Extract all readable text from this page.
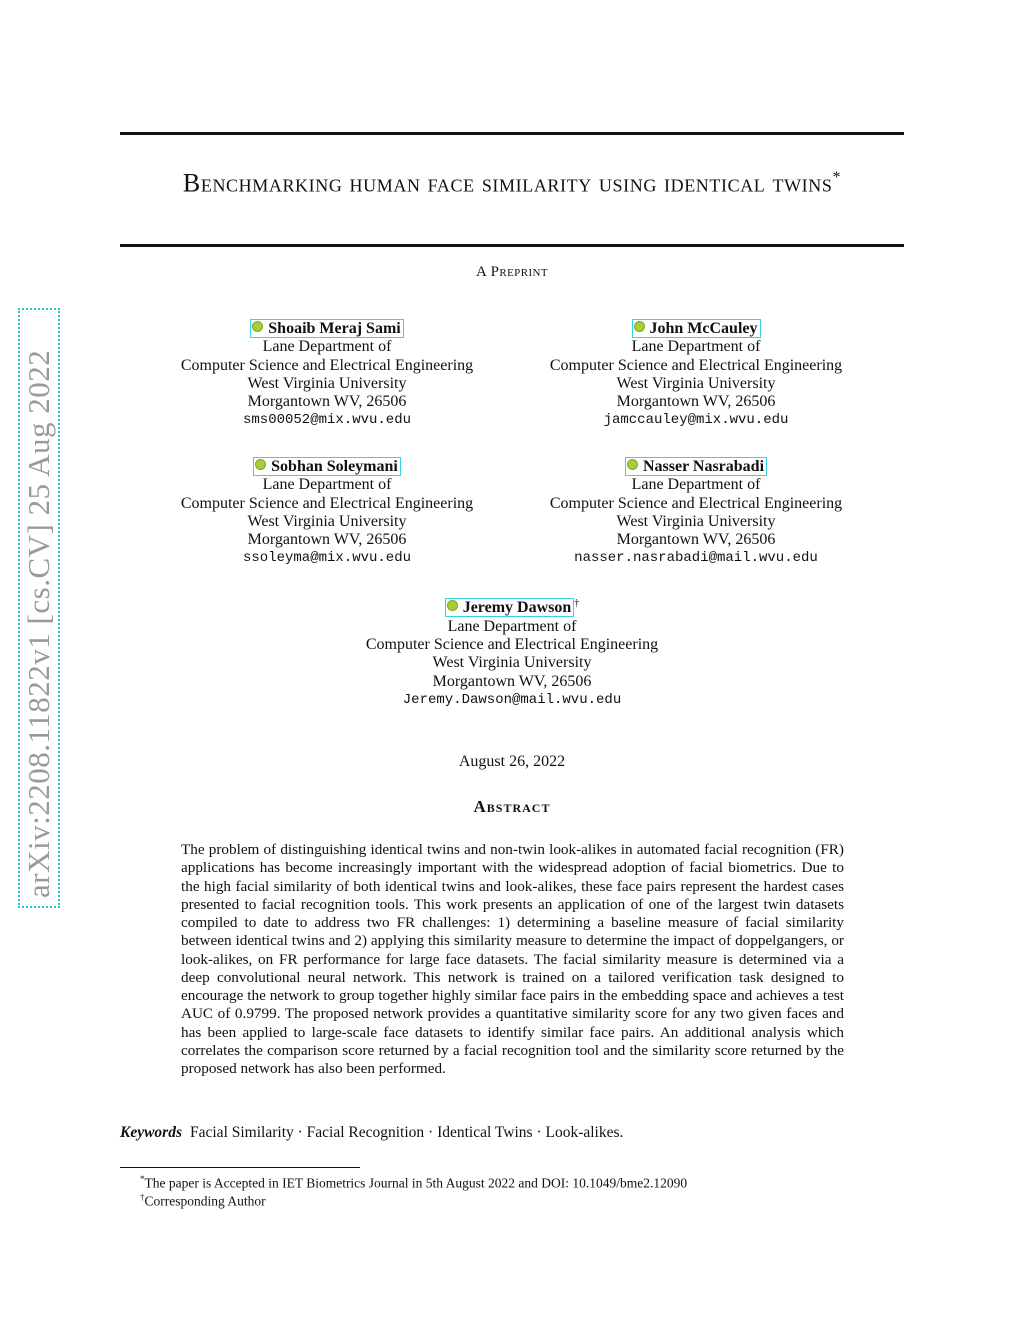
arXiv:2208.11822v1 [cs.CV] 25 Aug 2022
Benchmarking human face similarity using identical twins*
A Preprint
Shoaib Meraj Sami
Lane Department of
Computer Science and Electrical Engineering
West Virginia University
Morgantown WV, 26506
sms00052@mix.wvu.edu
John McCauley
Lane Department of
Computer Science and Electrical Engineering
West Virginia University
Morgantown WV, 26506
jamccauley@mix.wvu.edu
Sobhan Soleymani
Lane Department of
Computer Science and Electrical Engineering
West Virginia University
Morgantown WV, 26506
ssoleyma@mix.wvu.edu
Nasser Nasrabadi
Lane Department of
Computer Science and Electrical Engineering
West Virginia University
Morgantown WV, 26506
nasser.nasrabadi@mail.wvu.edu
Jeremy Dawson †
Lane Department of
Computer Science and Electrical Engineering
West Virginia University
Morgantown WV, 26506
Jeremy.Dawson@mail.wvu.edu
August 26, 2022
Abstract
The problem of distinguishing identical twins and non-twin look-alikes in automated facial recognition (FR) applications has become increasingly important with the widespread adoption of facial biometrics. Due to the high facial similarity of both identical twins and look-alikes, these face pairs represent the hardest cases presented to facial recognition tools. This work presents an application of one of the largest twin datasets compiled to date to address two FR challenges: 1) determining a baseline measure of facial similarity between identical twins and 2) applying this similarity measure to determine the impact of doppelgangers, or look-alikes, on FR performance for large face datasets. The facial similarity measure is determined via a deep convolutional neural network. This network is trained on a tailored verification task designed to encourage the network to group together highly similar face pairs in the embedding space and achieves a test AUC of 0.9799. The proposed network provides a quantitative similarity score for any two given faces and has been applied to large-scale face datasets to identify similar face pairs. An additional analysis which correlates the comparison score returned by a facial recognition tool and the similarity score returned by the proposed network has also been performed.
Keywords Facial Similarity · Facial Recognition · Identical Twins · Look-alikes.
*The paper is Accepted in IET Biometrics Journal in 5th August 2022 and DOI: 10.1049/bme2.12090
†Corresponding Author
